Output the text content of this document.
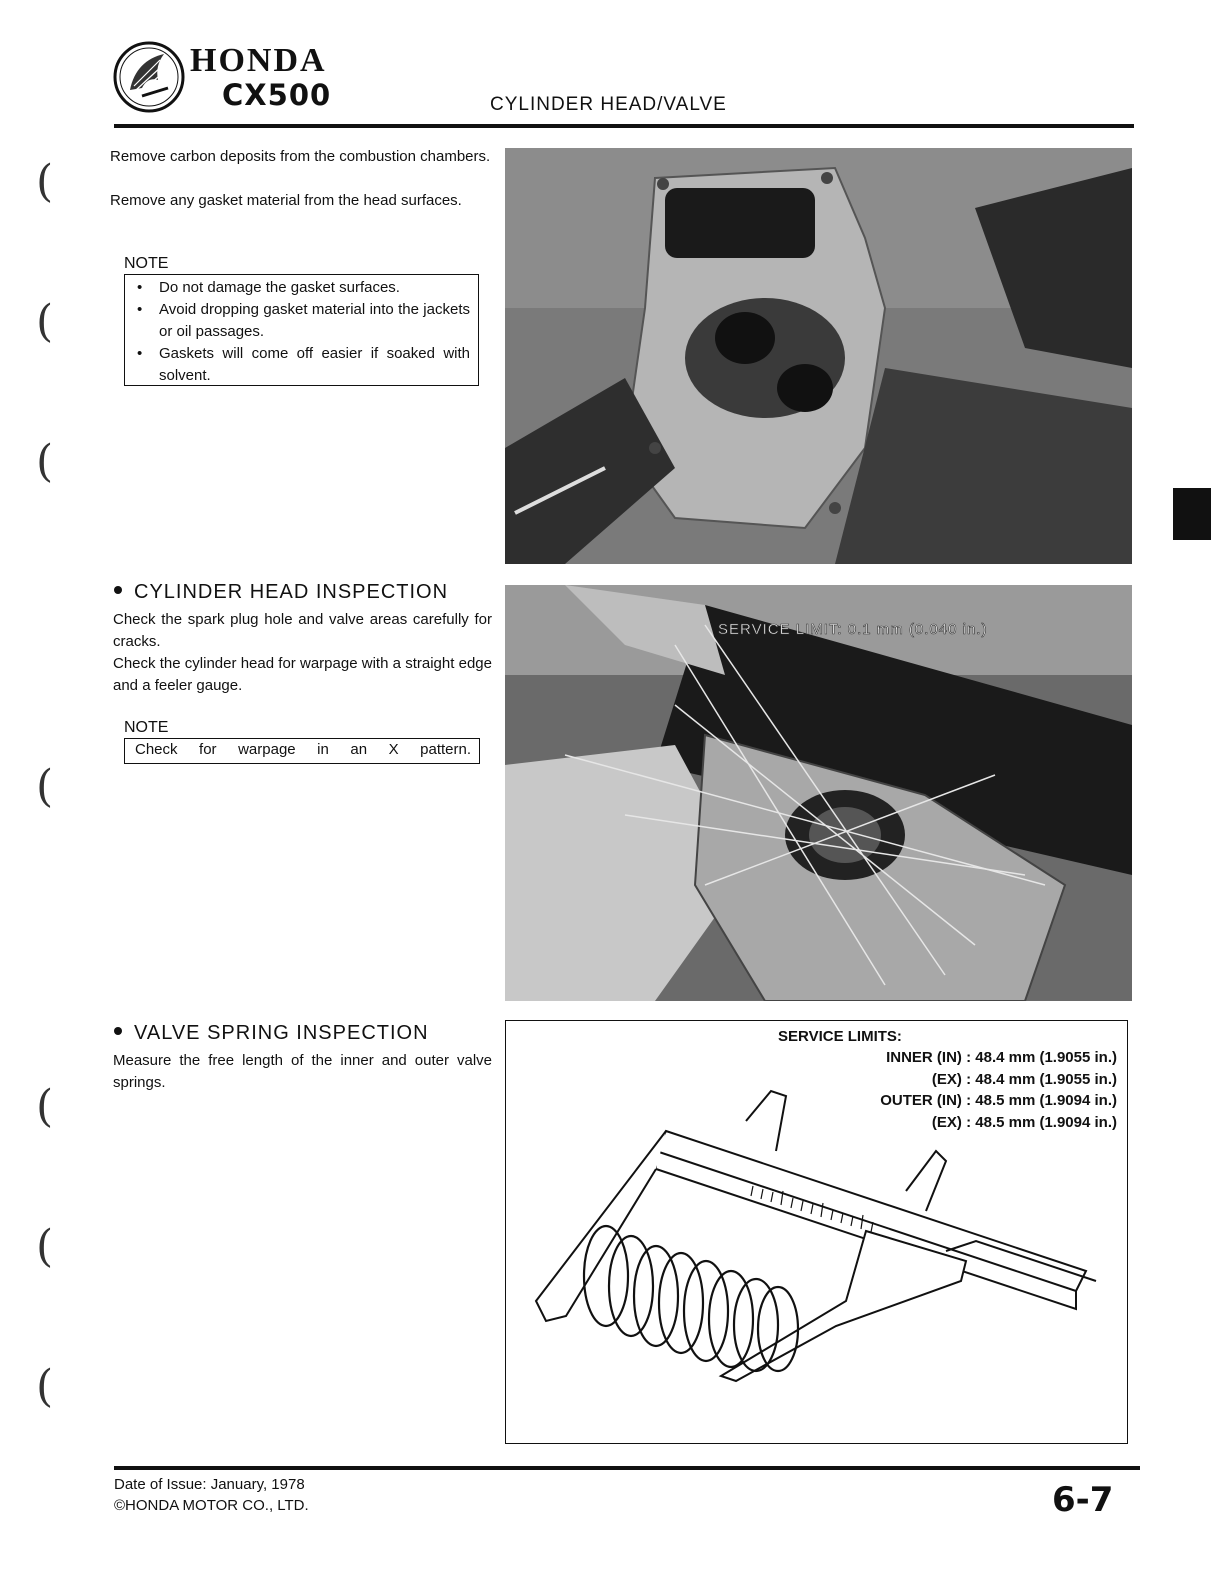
HONDA
CX500	CYLINDER HEAD/VALVE
(
(
(
(
(
(
(
Remove carbon deposits from the combustion chambers.
Remove any gasket material from the head surfaces.
NOTE
• Do not damage the gasket surfaces.
• Avoid dropping gasket material into the jackets or oil passages.
• Gaskets will come off easier if soaked with solvent.
CYLINDER HEAD INSPECTION
Check the spark plug hole and valve areas carefully for cracks.
Check the cylinder head for warpage with a straight edge and a feeler gauge.
NOTE
Check for warpage in an X pattern.
SERVICE LIMIT: 0.1 mm (0.040 in.)
VALVE SPRING INSPECTION
Measure the free length of the inner and outer valve springs.
SERVICE LIMITS:
INNER (IN) : 48.4 mm (1.9055 in.)
(EX) : 48.4 mm (1.9055 in.)
OUTER (IN) : 48.5 mm (1.9094 in.)
(EX) : 48.5 mm (1.9094 in.)
Date of Issue: January, 1978
©HONDA MOTOR CO., LTD.	6-7
